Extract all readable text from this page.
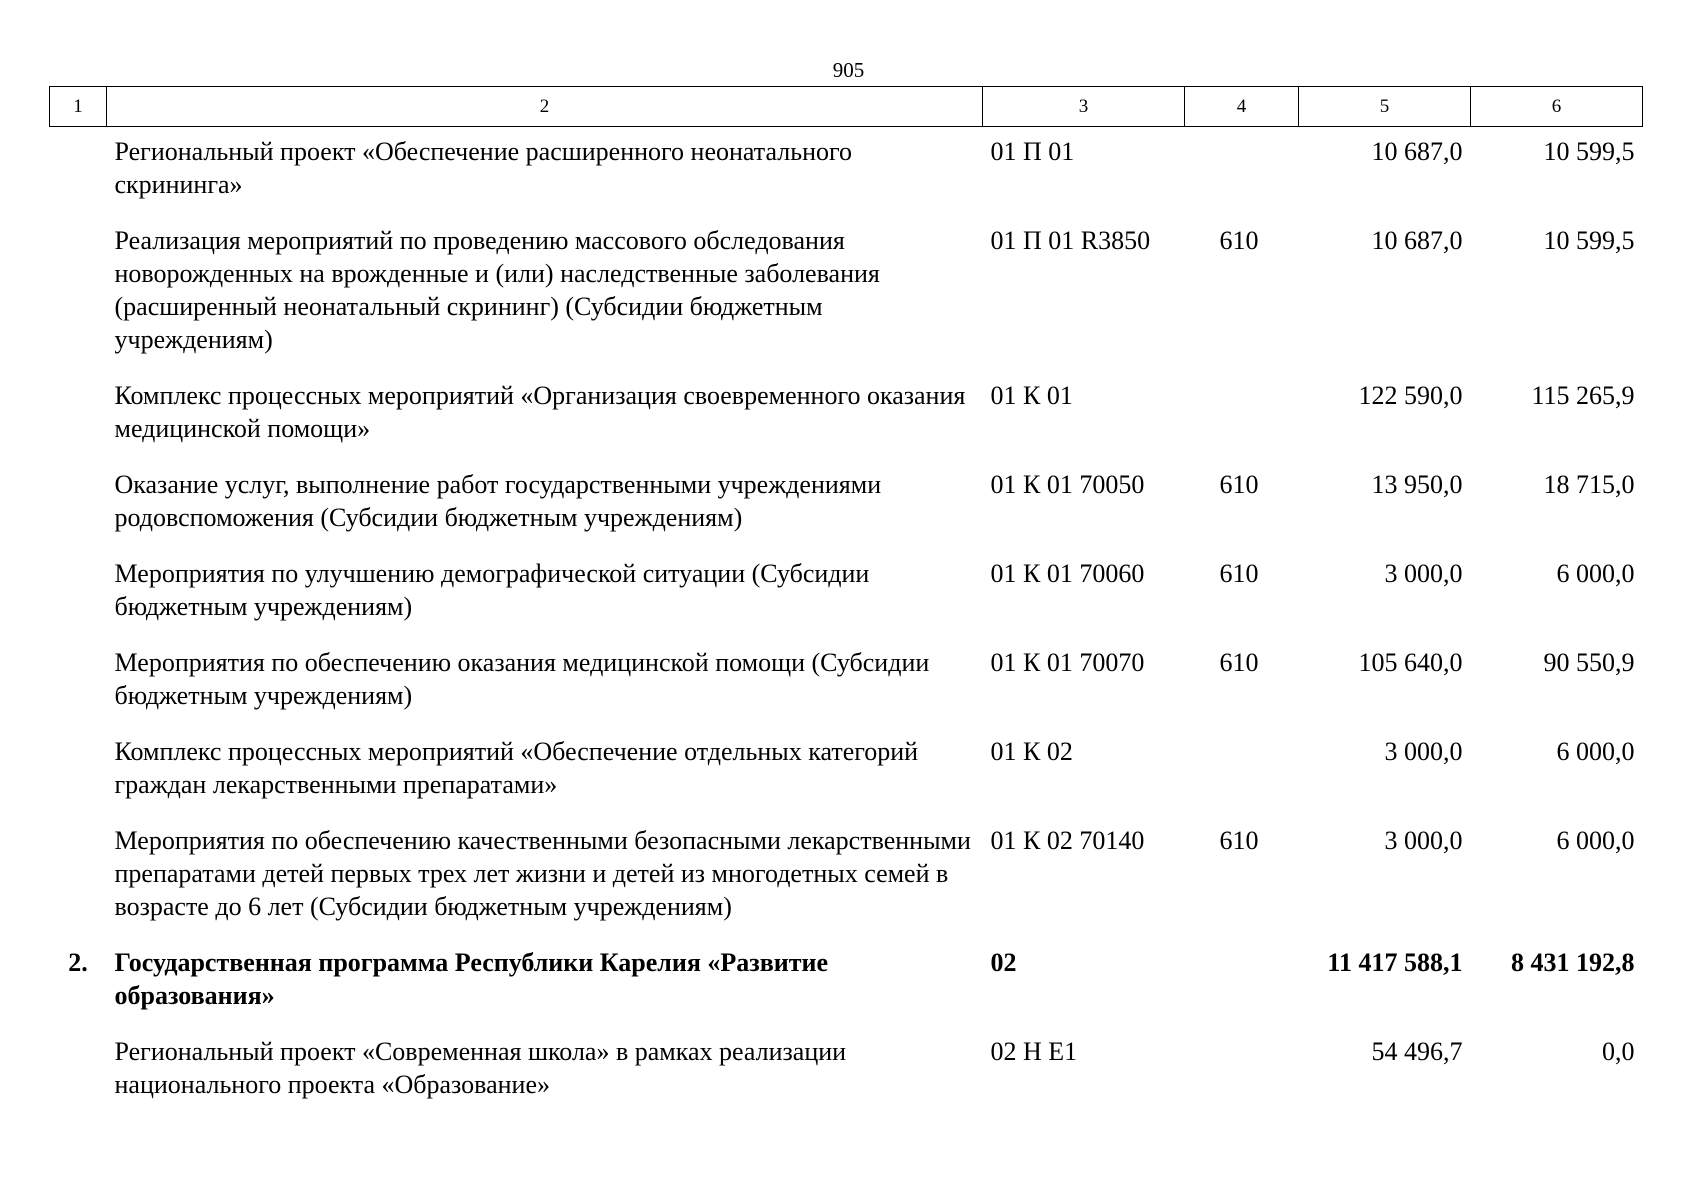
905
1	2	3	4	5	6
	Региональный проект «Обеспечение расширенного неонатального скрининга»	01 П 01		10 687,0	10 599,5
	Реализация мероприятий по проведению массового обследования новорожденных на врожденные и (или) наследственные заболевания (расширенный неонатальный скрининг) (Субсидии бюджетным учреждениям)	01 П 01 R3850	610	10 687,0	10 599,5
	Комплекс процессных мероприятий «Организация своевременного оказания медицинской помощи»	01 К 01		122 590,0	115 265,9
	Оказание услуг, выполнение работ государственными учреждениями родовспоможения (Субсидии бюджетным учреждениям)	01 К 01 70050	610	13 950,0	18 715,0
	Мероприятия по улучшению демографической ситуации (Субсидии бюджетным учреждениям)	01 К 01 70060	610	3 000,0	6 000,0
	Мероприятия по обеспечению оказания медицинской помощи (Субсидии бюджетным учреждениям)	01 К 01 70070	610	105 640,0	90 550,9
	Комплекс процессных мероприятий «Обеспечение отдельных категорий граждан лекарственными препаратами»	01 К 02		3 000,0	6 000,0
	Мероприятия по обеспечению качественными безопасными лекарственными препаратами детей первых трех лет жизни и детей из многодетных семей в возрасте до 6 лет (Субсидии бюджетным учреждениям)	01 К 02 70140	610	3 000,0	6 000,0
2.	Государственная программа Республики Карелия «Развитие образования»	02		11 417 588,1	8 431 192,8
	Региональный проект «Современная школа» в рамках реализации национального проекта «Образование»	02 Н Е1		54 496,7	0,0
